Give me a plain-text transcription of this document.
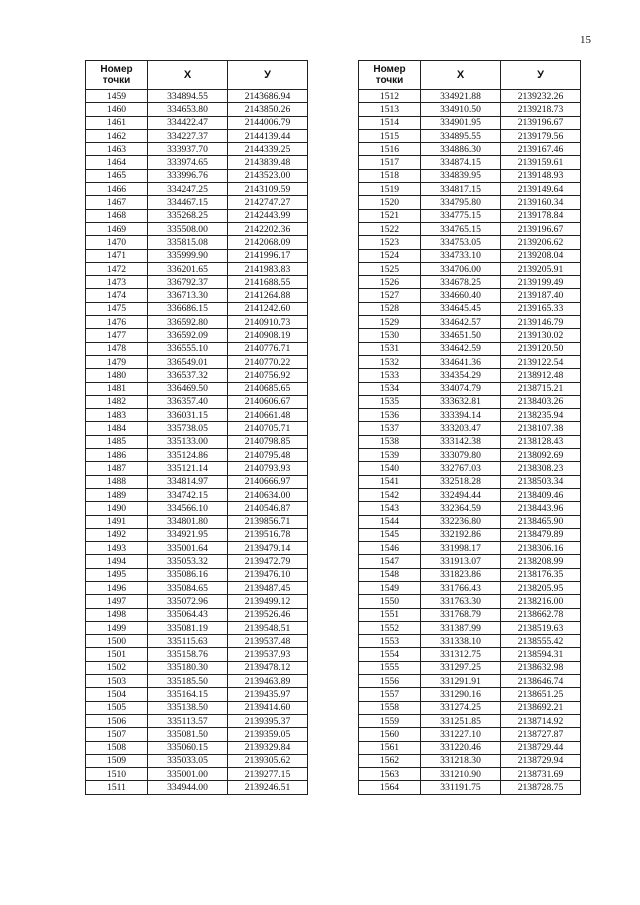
15
Номер
точки	X	У
1459	334894.55	2143686.94
1460	334653.80	2143850.26
1461	334422.47	2144006.79
1462	334227.37	2144139.44
1463	333937.70	2144339.25
1464	333974.65	2143839.48
1465	333996.76	2143523.00
1466	334247.25	2143109.59
1467	334467.15	2142747.27
1468	335268.25	2142443.99
1469	335508.00	2142202.36
1470	335815.08	2142068.09
1471	335999.90	2141996.17
1472	336201.65	2141983.83
1473	336792.37	2141688.55
1474	336713.30	2141264.88
1475	336686.15	2141242.60
1476	336592.80	2140910.73
1477	336592.09	2140908.19
1478	336555.10	2140776.71
1479	336549.01	2140770.22
1480	336537.32	2140756.92
1481	336469.50	2140685.65
1482	336357.40	2140606.67
1483	336031.15	2140661.48
1484	335738.05	2140705.71
1485	335133.00	2140798.85
1486	335124.86	2140795.48
1487	335121.14	2140793.93
1488	334814.97	2140666.97
1489	334742.15	2140634.00
1490	334566.10	2140546.87
1491	334801.80	2139856.71
1492	334921.95	2139516.78
1493	335001.64	2139479.14
1494	335053.32	2139472.79
1495	335086.16	2139476.10
1496	335084.65	2139487.45
1497	335072.96	2139499.12
1498	335064.43	2139526.46
1499	335081.19	2139548.51
1500	335115.63	2139537.48
1501	335158.76	2139537.93
1502	335180.30	2139478.12
1503	335185.50	2139463.89
1504	335164.15	2139435.97
1505	335138.50	2139414.60
1506	335113.57	2139395.37
1507	335081.50	2139359.05
1508	335060.15	2139329.84
1509	335033.05	2139305.62
1510	335001.00	2139277.15
1511	334944.00	2139246.51
Номер
точки	X	У
1512	334921.88	2139232.26
1513	334910.50	2139218.73
1514	334901.95	2139196.67
1515	334895.55	2139179.56
1516	334886.30	2139167.46
1517	334874.15	2139159.61
1518	334839.95	2139148.93
1519	334817.15	2139149.64
1520	334795.80	2139160.34
1521	334775.15	2139178.84
1522	334765.15	2139196.67
1523	334753.05	2139206.62
1524	334733.10	2139208.04
1525	334706.00	2139205.91
1526	334678.25	2139199.49
1527	334660.40	2139187.40
1528	334645.45	2139165.33
1529	334642.57	2139146.79
1530	334651.50	2139130.02
1531	334642.59	2139120.50
1532	334641.36	2139122.54
1533	334354.29	2138912.48
1534	334074.79	2138715.21
1535	333632.81	2138403.26
1536	333394.14	2138235.94
1537	333203.47	2138107.38
1538	333142.38	2138128.43
1539	333079.80	2138092.69
1540	332767.03	2138308.23
1541	332518.28	2138503.34
1542	332494.44	2138409.46
1543	332364.59	2138443.96
1544	332236.80	2138465.90
1545	332192.86	2138479.89
1546	331998.17	2138306.16
1547	331913.07	2138208.99
1548	331823.86	2138176.35
1549	331766.43	2138205.95
1550	331763.30	2138216.00
1551	331768.79	2138662.78
1552	331387.99	2138519.63
1553	331338.10	2138555.42
1554	331312.75	2138594.31
1555	331297.25	2138632.98
1556	331291.91	2138646.74
1557	331290.16	2138651.25
1558	331274.25	2138692.21
1559	331251.85	2138714.92
1560	331227.10	2138727.87
1561	331220.46	2138729.44
1562	331218.30	2138729.94
1563	331210.90	2138731.69
1564	331191.75	2138728.75
